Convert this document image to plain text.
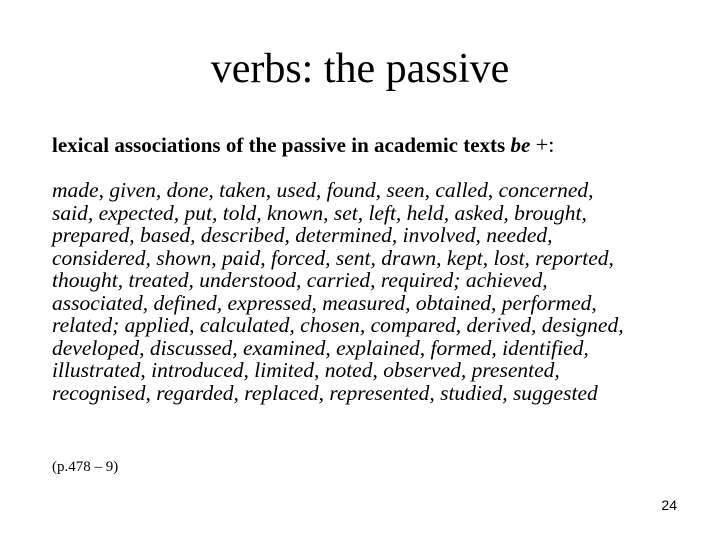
verbs: the passive
lexical associations of the passive in academic texts be +:
made, given, done, taken, used, found, seen, called, concerned,
said, expected, put, told, known, set, left, held, asked, brought,
prepared, based, described, determined, involved, needed,
considered, shown, paid, forced, sent, drawn, kept, lost, reported,
thought, treated, understood, carried, required; achieved,
associated, defined, expressed, measured, obtained, performed,
related; applied, calculated, chosen, compared, derived, designed,
developed, discussed, examined, explained, formed, identified,
illustrated, introduced, limited, noted, observed, presented,
recognised, regarded, replaced, represented, studied, suggested
(p.478 – 9)
24
